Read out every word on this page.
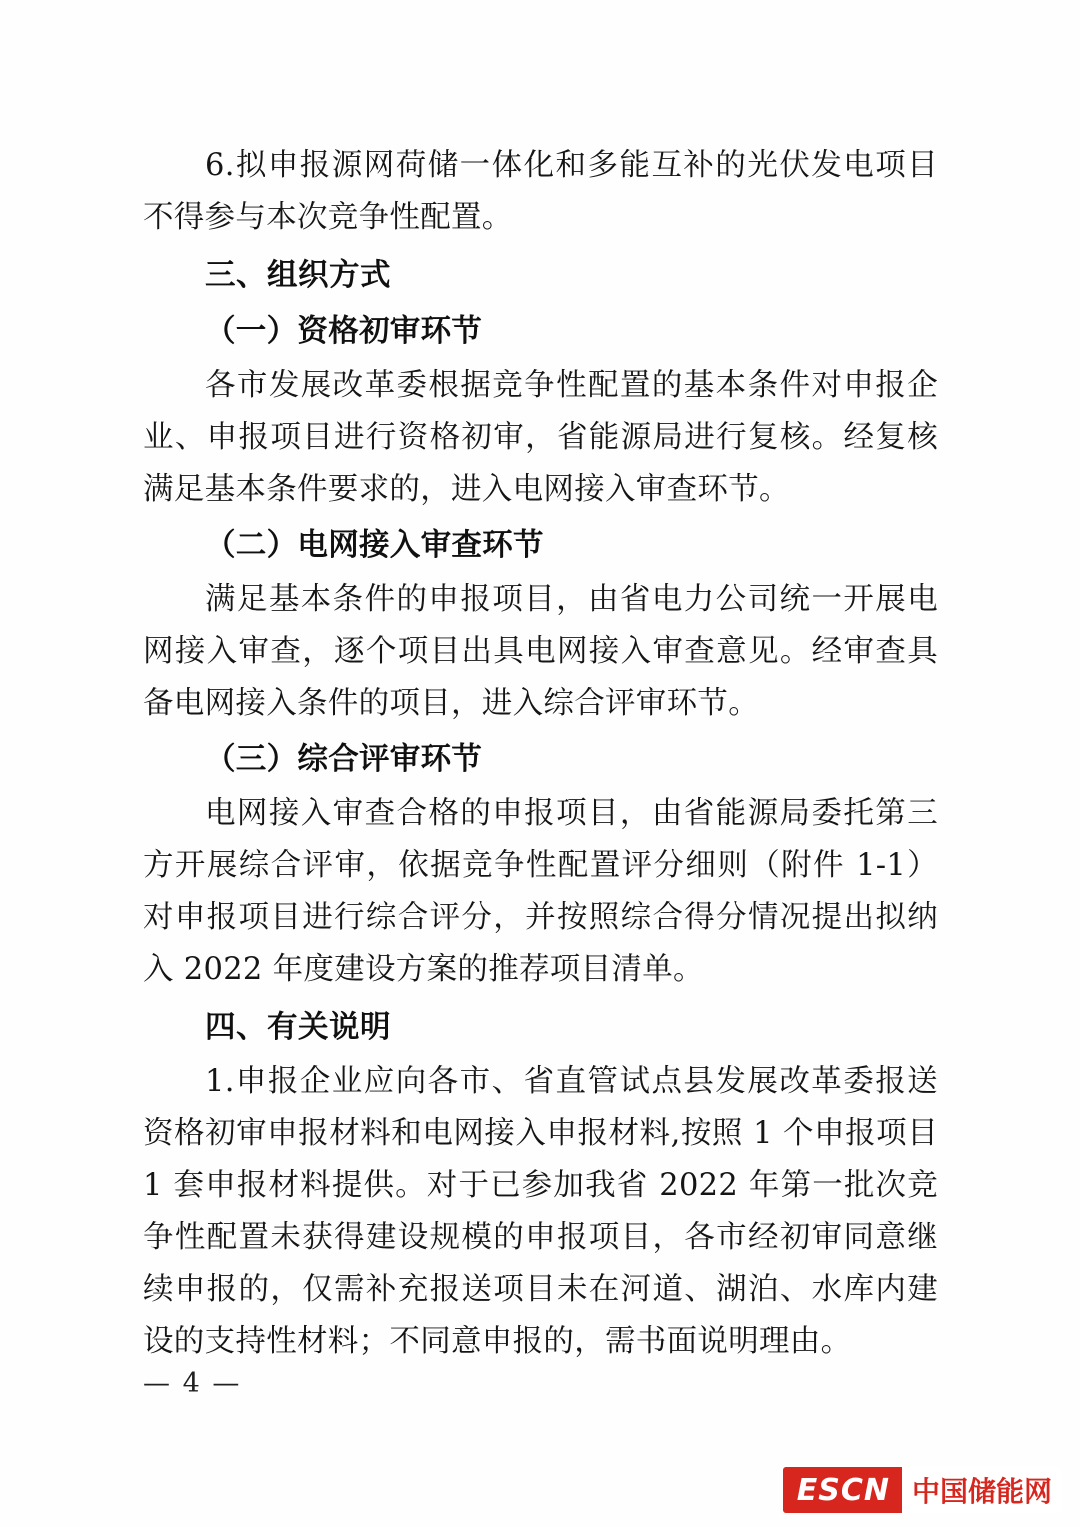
6.拟申报源网荷储一体化和多能互补的光伏发电项目不得参与本次竞争性配置。

三、组织方式

（一）资格初审环节

各市发展改革委根据竞争性配置的基本条件对申报企业、申报项目进行资格初审，省能源局进行复核。经复核满足基本条件要求的，进入电网接入审查环节。

（二）电网接入审查环节

满足基本条件的申报项目，由省电力公司统一开展电网接入审查，逐个项目出具电网接入审查意见。经审查具备电网接入条件的项目，进入综合评审环节。

（三）综合评审环节

电网接入审查合格的申报项目，由省能源局委托第三方开展综合评审，依据竞争性配置评分细则（附件 1-1）对申报项目进行综合评分，并按照综合得分情况提出拟纳入 2022 年度建设方案的推荐项目清单。

四、有关说明

1.申报企业应向各市、省直管试点县发展改革委报送资格初审申报材料和电网接入申报材料,按照 1 个申报项目 1 套申报材料提供。对于已参加我省 2022 年第一批次竞争性配置未获得建设规模的申报项目，各市经初审同意继续申报的，仅需补充报送项目未在河道、湖泊、水库内建设的支持性材料；不同意申报的，需书面说明理由。

— 4 —
ESCN 中国储能网
